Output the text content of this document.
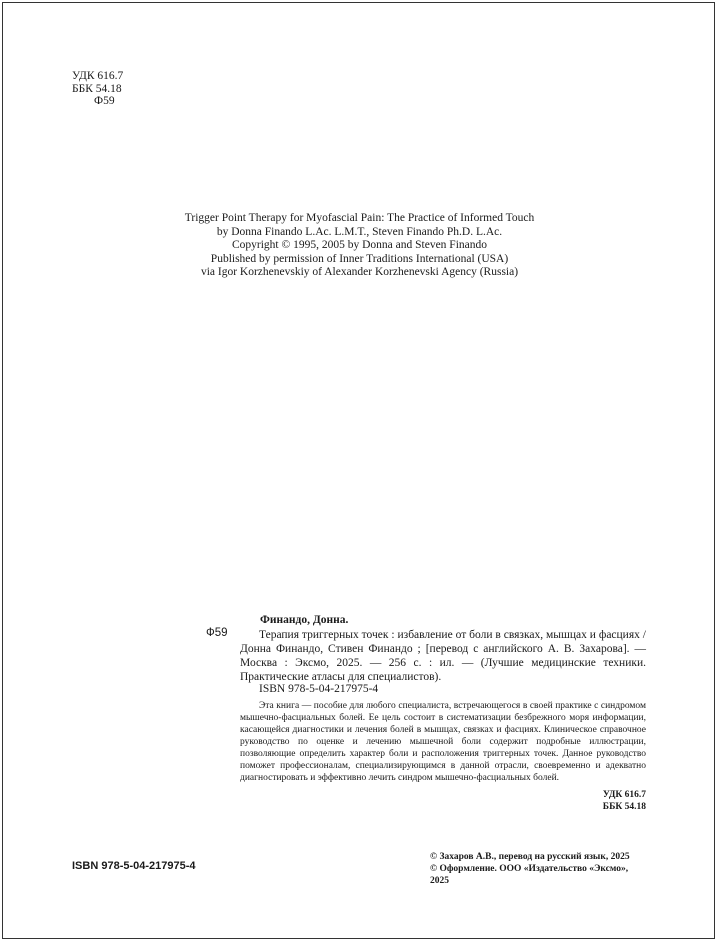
УДК 616.7
ББК 54.18
Ф59
Trigger Point Therapy for Myofascial Pain: The Practice of Informed Touch
by Donna Finando L.Ac. L.M.T., Steven Finando Ph.D. L.Ac.
Copyright © 1995, 2005 by Donna and Steven Finando
Published by permission of Inner Traditions International (USA)
via Igor Korzhenevskiy of Alexander Korzhenevski Agency (Russia)
Ф59
Финандо, Донна.
Терапия триггерных точек : избавление от боли в связках, мышцах и фасциях / Донна Финандо, Стивен Финандо ; [перевод с английского А. В. Захарова]. — Москва : Эксмо, 2025. — 256 с. : ил. — (Лучшие медицинские техники. Практические атласы для специалистов).
ISBN 978-5-04-217975-4
Эта книга — пособие для любого специалиста, встречающегося в своей практике с синдромом мышечно-фасциальных болей. Ее цель состоит в систематизации безбрежного моря информации, касающейся диагностики и лечения болей в мышцах, связках и фасциях. Клиническое справочное руководство по оценке и лечению мышечной боли содержит подробные иллюстрации, позволяющие определить характер боли и расположения триггерных точек. Данное руководство поможет профессионалам, специализирующимся в данной отрасли, своевременно и адекватно диагностировать и эффективно лечить синдром мышечно-фасциальных болей.
УДК 616.7
ББК 54.18
ISBN 978-5-04-217975-4
© Захаров А.В., перевод на русский язык, 2025
© Оформление. ООО «Издательство «Эксмо», 2025
